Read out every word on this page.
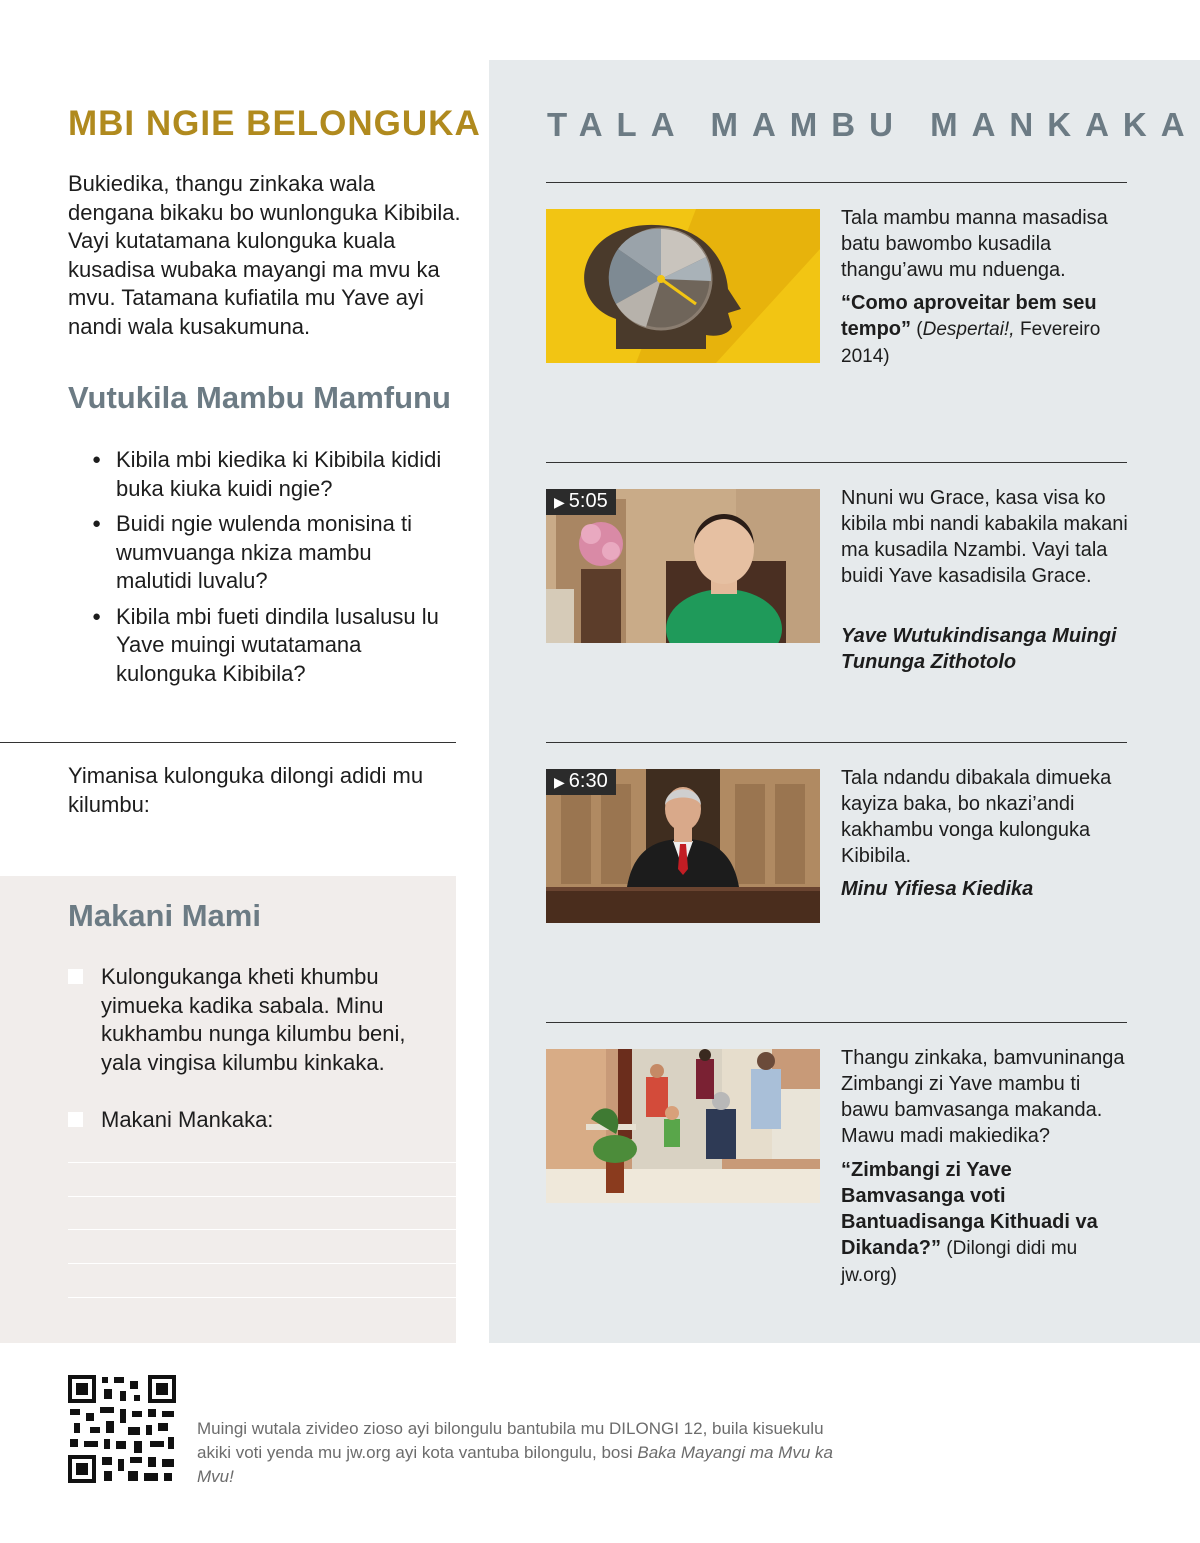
MBI NGIE BELONGUKA

Bukiedika, thangu zinkaka wala dengana bikaku bo wunlonguka Kibibila. Vayi kutatamana kulonguka kuala kusadisa wubaka mayangi ma mvu ka mvu. Tatamana kufiatila mu Yave ayi nandi wala kusakumuna.

Vutukila Mambu Mamfunu
● Kibila mbi kiedika ki Kibibila kididi buka kiuka kuidi ngie?
● Buidi ngie wulenda monisina ti wumvuanga nkiza mambu malutidi luvalu?
● Kibila mbi fueti dindila lusalusu lu Yave muingi wutatamana kulonguka Kibibila?

Yimanisa kulonguka dilongi adidi mu kilumbu:

Makani Mami

Kulongukanga kheti khumbu yimueka kadika sabala. Minu kukhambu nunga kilumbu beni, yala vingisa kilumbu kinkaka.

Makani Mankaka:

TALA MAMBU MANKAKA

Tala mambu manna masadisa batu bawombo kusadila thangu’awu mu nduenga.

“Como aproveitar bem seu tempo” (Despertai!, Fevereiro 2014)

▶ 5:05	Nnuni wu Grace, kasa visa ko kibila mbi nandi kabakila makani ma kusadila Nzambi. Vayi tala buidi Yave kasadisila Grace.

Yave Wutukindisanga Muingi Tununga Zithotolo

▶ 6:30	Tala ndandu dibakala dimueka kayiza baka, bo nkazi’andi kakhambu vonga kulonguka Kibibila.

Minu Yifiesa Kiedika

Thangu zinkaka, bamvuninanga Zimbangi zi Yave mambu ti bawu bamvasanga makanda. Mawu madi makiedika?

“Zimbangi zi Yave Bamvasanga voti Bantuadisanga Kithuadi va Dikanda?” (Dilongi didi mu jw.org)

Muingi wutala zivideo zioso ayi bilongulu bantubila mu DILONGI 12, buila kisuekulu akiki voti yenda mu jw.org ayi kota vantuba bilongulu, bosi Baka Mayangi ma Mvu ka Mvu!
